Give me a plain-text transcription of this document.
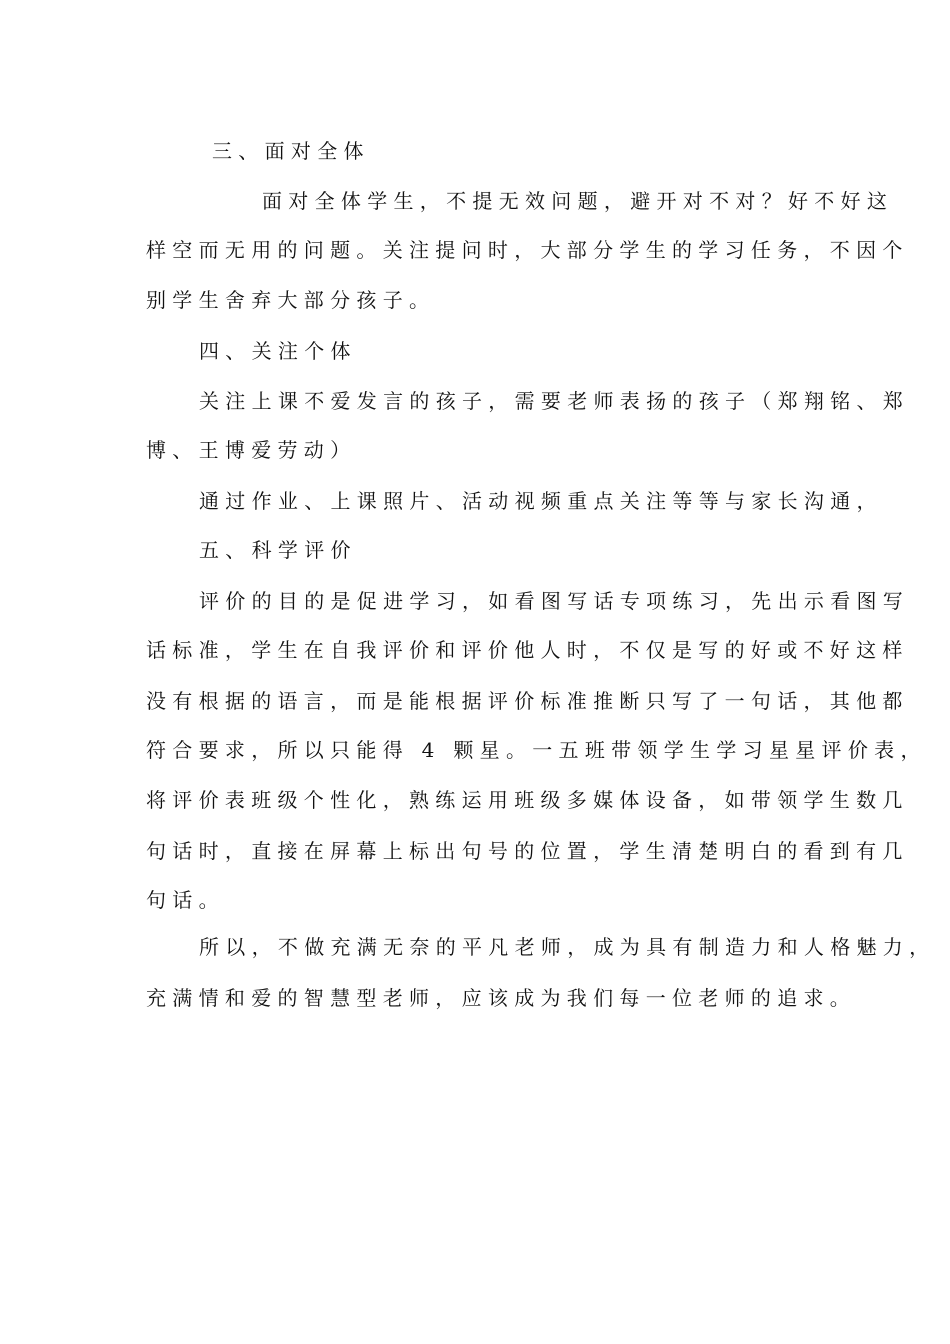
三、面对全体
面对全体学生，不提无效问题，避开对不对？好不好这
样空而无用的问题。关注提问时，大部分学生的学习任务，不因个
别学生舍弃大部分孩子。
四、关注个体
关注上课不爱发言的孩子，需要老师表扬的孩子（郑翔铭、郑
博、王博爱劳动）
通过作业、上课照片、活动视频重点关注等等与家长沟通，
五、科学评价
评价的目的是促进学习，如看图写话专项练习，先出示看图写
话标准，学生在自我评价和评价他人时，不仅是写的好或不好这样
没有根据的语言，而是能根据评价标准推断只写了一句话，其他都
符合要求，所以只能得 4 颗星。一五班带领学生学习星星评价表，
将评价表班级个性化，熟练运用班级多媒体设备，如带领学生数几
句话时，直接在屏幕上标出句号的位置，学生清楚明白的看到有几
句话。
所以，不做充满无奈的平凡老师，成为具有制造力和人格魅力，
充满情和爱的智慧型老师，应该成为我们每一位老师的追求。
